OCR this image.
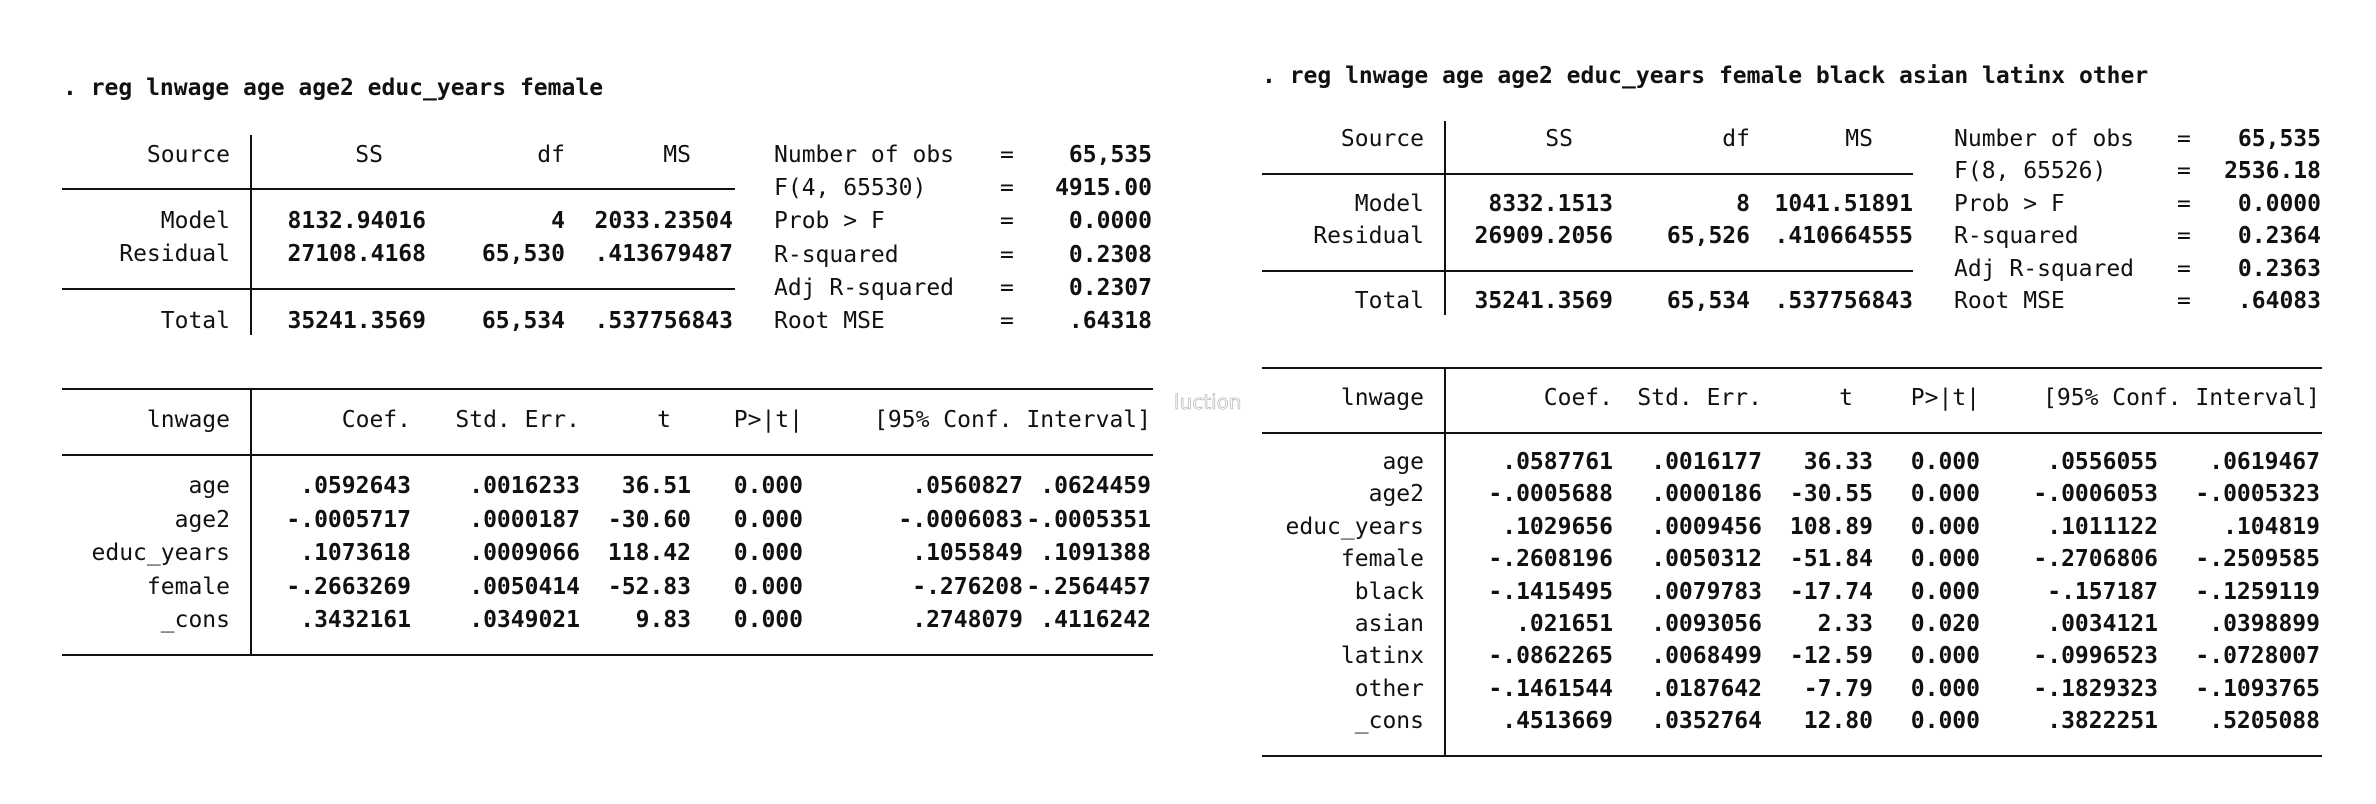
. reg lnwage age age2 educ_years female
Source	SS	df	MS
Model	8132.94016	4 2033.23504
Residual	27108.4168 65,530 .413679487
Total	35241.3569 65,534 .537756843
Number of obs = 65,535
F(4, 65530)	= 4915.00
Prob > F	= 0.0000
R-squared	= 0.2308
Adj R-squared = 0.2307
Root MSE	= .64318
lnwage	Coef. Std. Err.	t	P>|t|	[95% Conf. Interval]
age	.0592643	.0016233 36.51 0.000	.0560827 .0624459
age2 -.0005717	.0000187 -30.60 0.000	-.0006083 -.0005351
educ_years	.1073618	.0009066 118.42 0.000	.1055849 .1091388
female -.2663269	.0050414 -52.83 0.000	-.276208 -.2564457
_cons	.3432161	.0349021 9.83 0.000	.2748079 .4116242
. reg lnwage age age2 educ_years female black asian latinx other
Source	SS	df	MS
Model	8332.1513	8 1041.51891
Residual 26909.2056 65,526 .410664555
Total 35241.3569 65,534 .537756843
Number of obs = 65,535
F(8, 65526)	= 2536.18
Prob > F	= 0.0000
R-squared	= 0.2364
Adj R-squared = 0.2363
Root MSE	= .64083
lnwage	Coef. Std. Err.	t	P>|t|	[95% Conf. Interval]
age	.0587761 .0016177 36.33 0.000	.0556055 .0619467
age2	-.0005688 .0000186 -30.55 0.000 -.0006053 -.0005323
educ_years	.1029656 .0009456 108.89 0.000	.1011122	.104819
female	-.2608196 .0050312 -51.84 0.000 -.2706806 -.2509585
black	-.1415495 .0079783 -17.74 0.000	-.157187 -.1259119
asian	.021651 .0093056 2.33 0.020	.0034121 .0398899
latinx	-.0862265 .0068499 -12.59 0.000 -.0996523 -.0728007
other	-.1461544 .0187642 -7.79 0.000 -.1829323 -.1093765
_cons	.4513669 .0352764 12.80 0.000	.3822251 .5205088
luction
